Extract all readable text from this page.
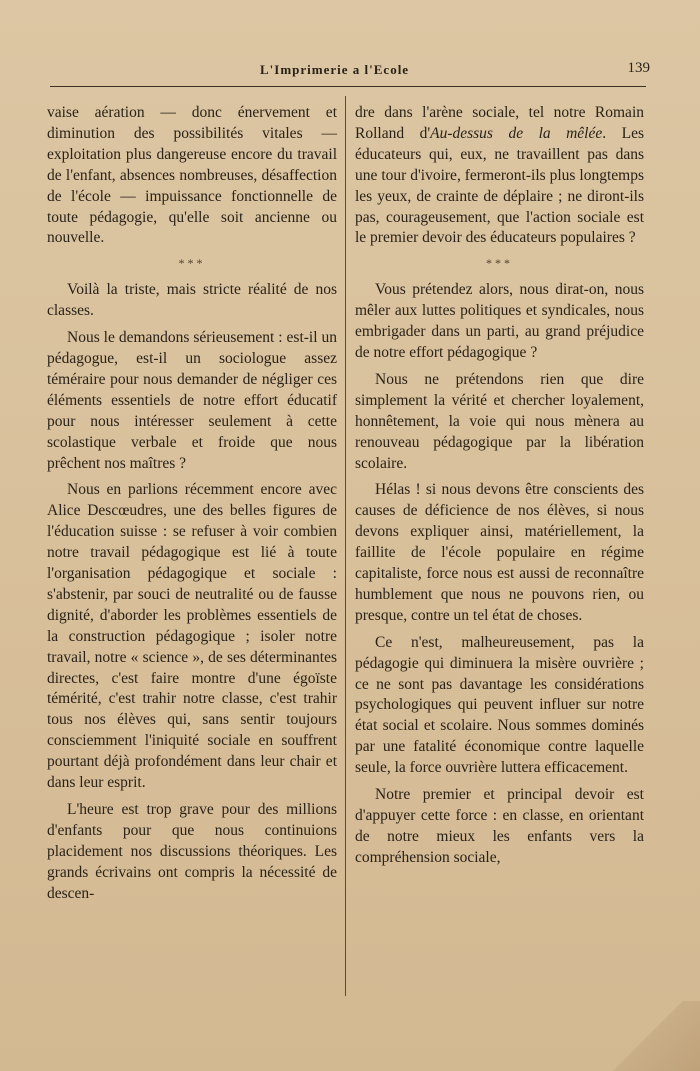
L'Imprimerie a l'Ecole	139

vaise aération — donc énervement et diminution des possibilités vitales — exploitation plus dangereuse encore du travail de l'enfant, absences nombreuses, désaffection de l'école — impuissance fonctionnelle de toute pédagogie, qu'elle soit ancienne ou nouvelle.

***

Voilà la triste, mais stricte réalité de nos classes.

Nous le demandons sérieusement : est-il un pédagogue, est-il un sociologue assez téméraire pour nous demander de négliger ces éléments essentiels de notre effort éducatif pour nous intéresser seulement à cette scolastique verbale et froide que nous prêchent nos maîtres ?

Nous en parlions récemment encore avec Alice Descœudres, une des belles figures de l'éducation suisse : se refuser à voir combien notre travail pédagogique est lié à toute l'organisation pédagogique et sociale : s'abstenir, par souci de neutralité ou de fausse dignité, d'aborder les problèmes essentiels de la construction pédagogique ; isoler notre travail, notre « science », de ses déterminantes directes, c'est faire montre d'une égoïste témérité, c'est trahir notre classe, c'est trahir tous nos élèves qui, sans sentir toujours consciemment l'iniquité sociale en souffrent pourtant déjà profondément dans leur chair et dans leur esprit.

L'heure est trop grave pour des millions d'enfants pour que nous continuions placidement nos discussions théoriques. Les grands écrivains ont compris la nécessité de descen-

dre dans l'arène sociale, tel notre Romain Rolland d'Au-dessus de la mêlée. Les éducateurs qui, eux, ne travaillent pas dans une tour d'ivoire, fermeront-ils plus longtemps les yeux, de crainte de déplaire ; ne diront-ils pas, courageusement, que l'action sociale est le premier devoir des éducateurs populaires ?

***

Vous prétendez alors, nous dirat-on, nous mêler aux luttes politiques et syndicales, nous embrigader dans un parti, au grand préjudice de notre effort pédagogique ?

Nous ne prétendons rien que dire simplement la vérité et chercher loyalement, honnêtement, la voie qui nous mènera au renouveau pédagogique par la libération scolaire.

Hélas ! si nous devons être conscients des causes de déficience de nos élèves, si nous devons expliquer ainsi, matériellement, la faillite de l'école populaire en régime capitaliste, force nous est aussi de reconnaître humblement que nous ne pouvons rien, ou presque, contre un tel état de choses.

Ce n'est, malheureusement, pas la pédagogie qui diminuera la misère ouvrière ; ce ne sont pas davantage les considérations psychologiques qui peuvent influer sur notre état social et scolaire. Nous sommes dominés par une fatalité économique contre laquelle seule, la force ouvrière luttera efficacement.

Notre premier et principal devoir est d'appuyer cette force : en classe, en orientant de notre mieux les enfants vers la compréhension sociale,
